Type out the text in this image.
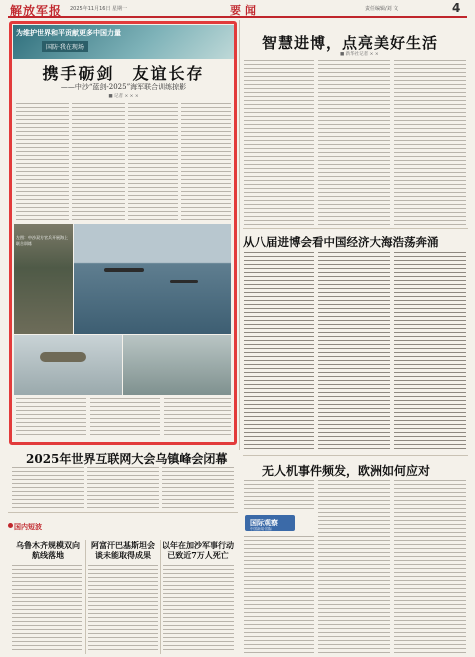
解放军报 2025年11月16日 星期一	要闻	责任编辑/刘 文	4
为维护世界和平贡献更多中国力量
国防·我在现场
携手砺剑　友谊长存
——中沙“蓝剑-2025”海军联合训练掠影
■ 记者 × × ×
左图：中沙双方官兵开展海上联合训练
2025年世界互联网大会乌镇峰会闭幕
国内短波
乌鲁木齐规模双向航线落地
阿富汗巴基斯坦会谈未能取得成果
以年在加沙军事行动已致近7万人死亡
智慧进博，点亮美好生活
■ 新华社记者 × ×
从八届进博会看中国经济大海浩荡奔涌
无人机事件频发，欧洲如何应对
国际观察
中国新闻·国际
